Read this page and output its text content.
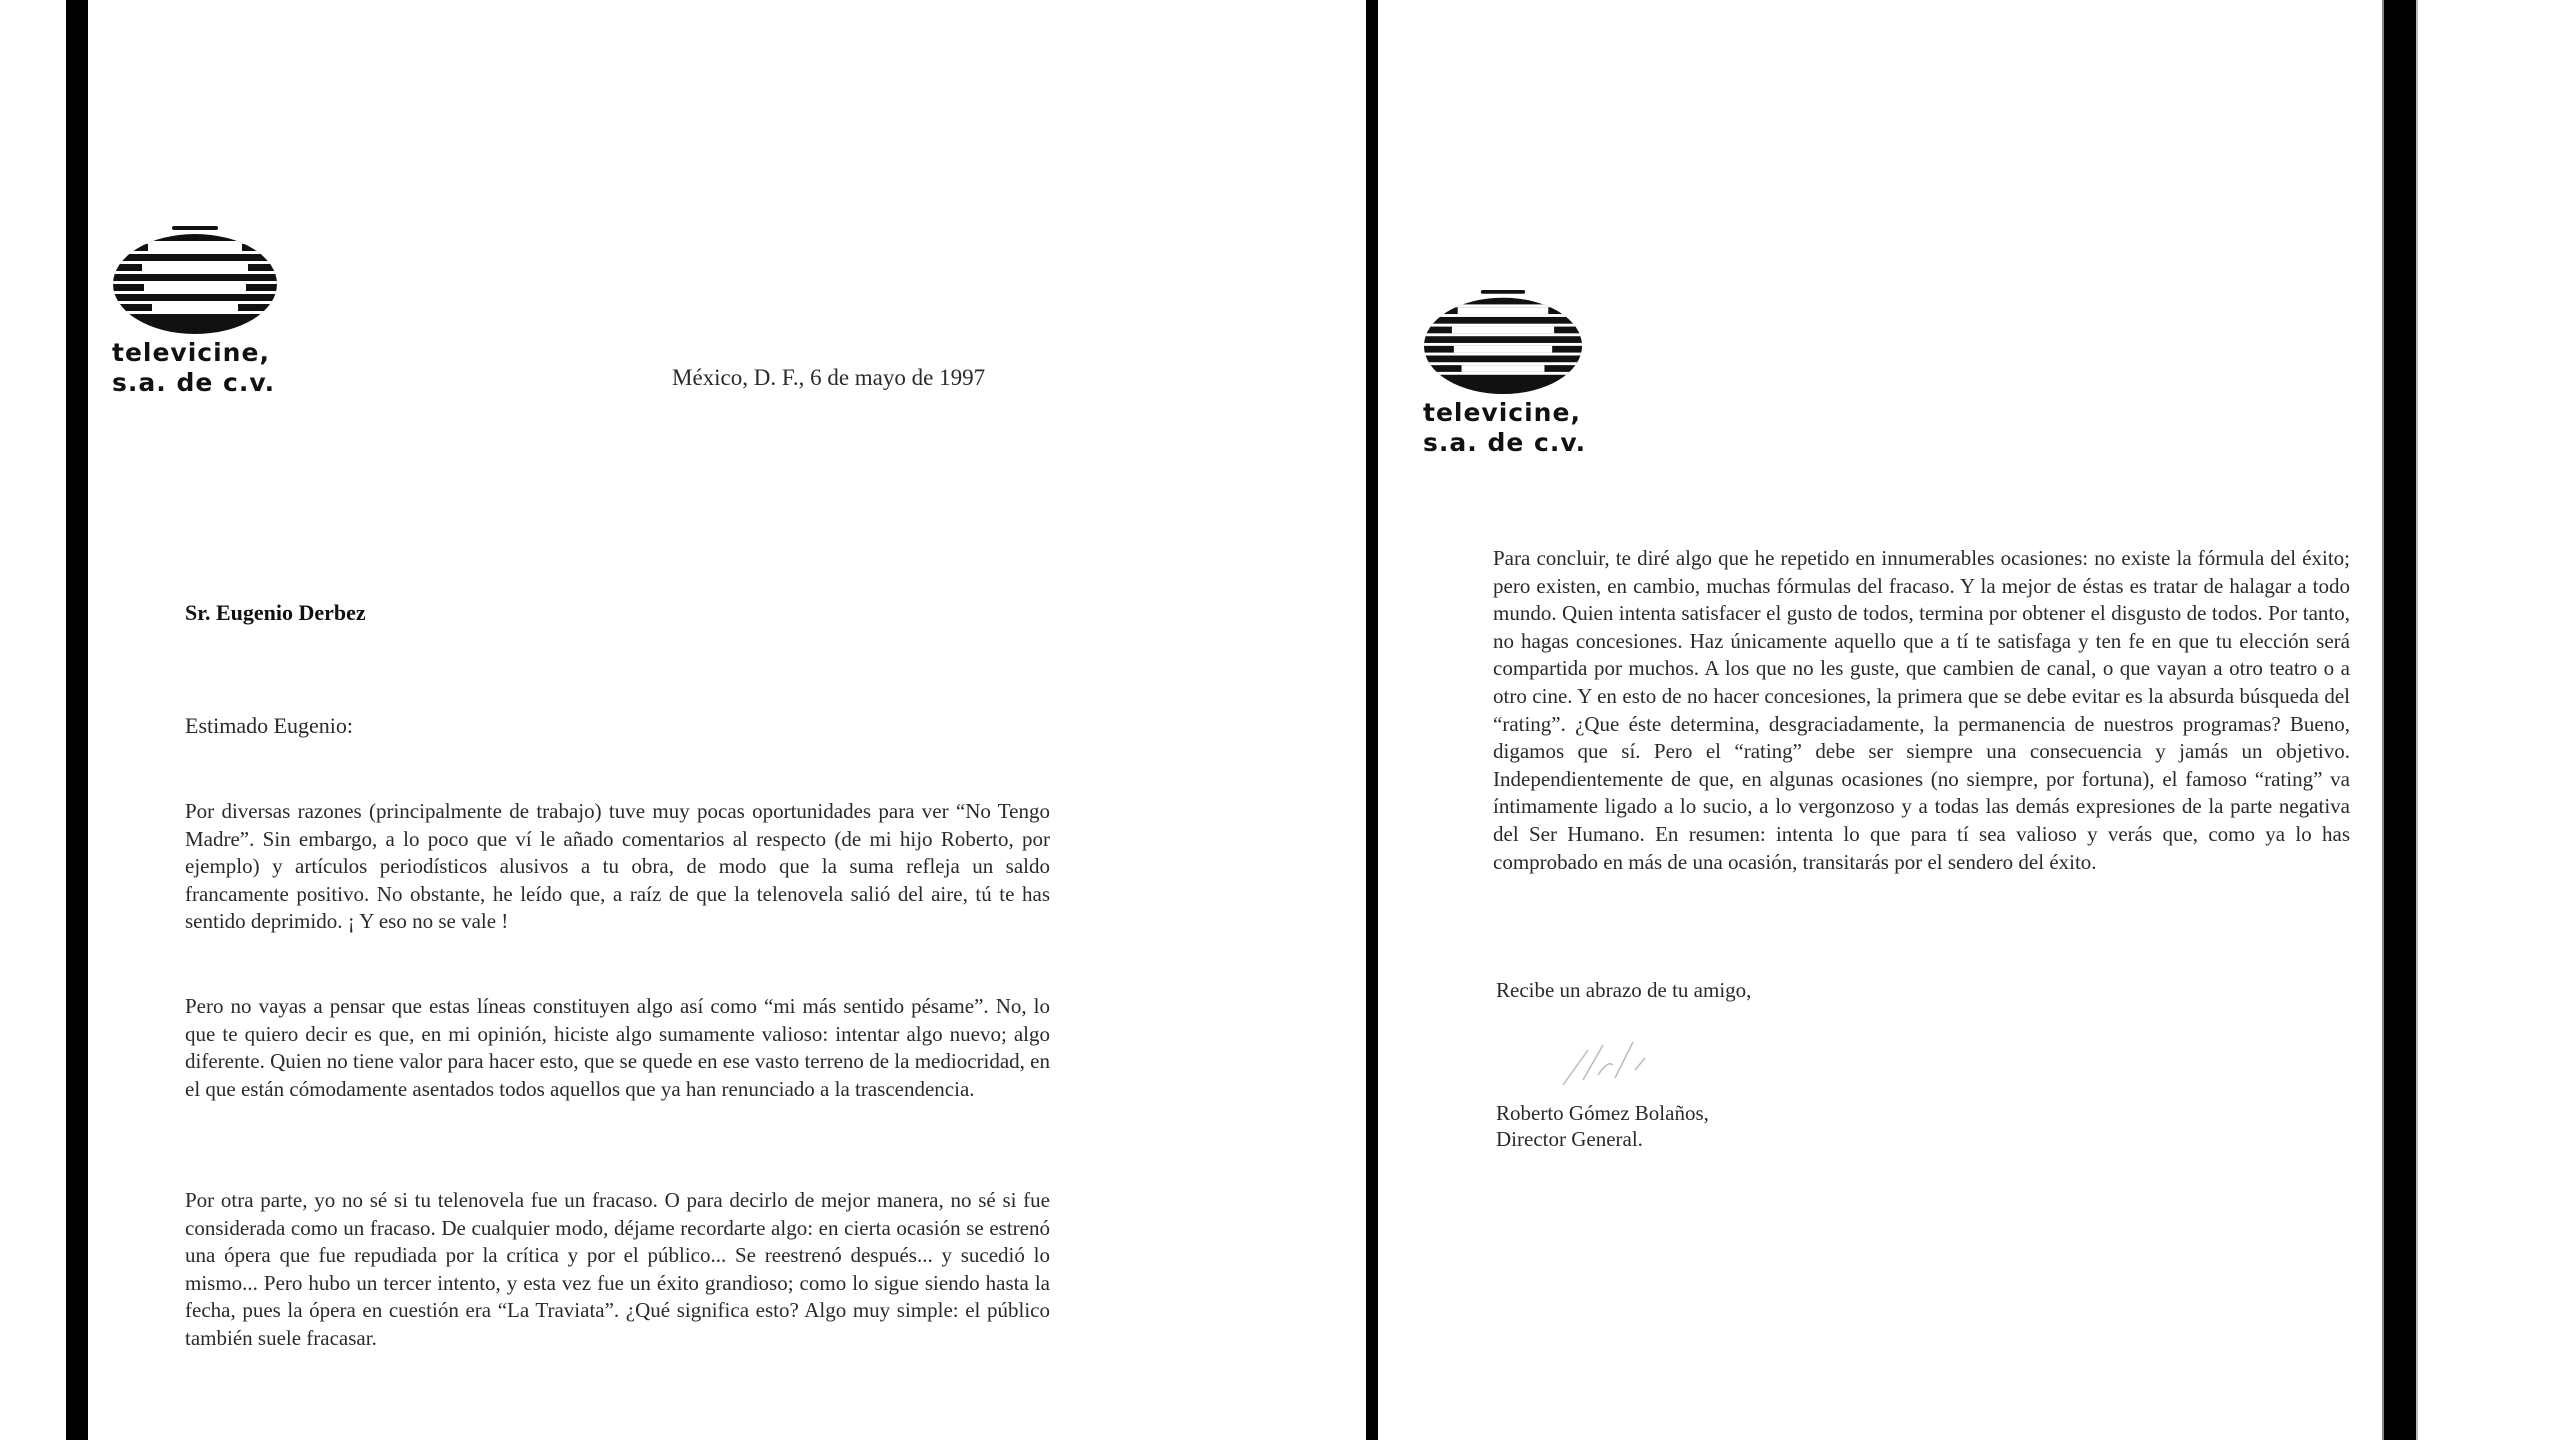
televicine,
s.a. de c.v.	México, D. F., 6 de mayo de 1997
Sr. Eugenio Derbez
Estimado Eugenio:

Por diversas razones (principalmente de trabajo) tuve muy pocas oportunidades para ver “No Tengo Madre”. Sin embargo, a lo poco que ví le añado comentarios al respecto (de mi hijo Roberto, por ejemplo) y artículos periodísticos alusivos a tu obra, de modo que la suma refleja un saldo francamente positivo. No obstante, he leído que, a raíz de que la telenovela salió del aire, tú te has sentido deprimido. ¡ Y eso no se vale !

Pero no vayas a pensar que estas líneas constituyen algo así como “mi más sentido pésame”. No, lo que te quiero decir es que, en mi opinión, hiciste algo sumamente valioso: intentar algo nuevo; algo diferente. Quien no tiene valor para hacer esto, que se quede en ese vasto terreno de la mediocridad, en el que están cómodamente asentados todos aquellos que ya han renunciado a la trascendencia.

Por otra parte, yo no sé si tu telenovela fue un fracaso. O para decirlo de mejor manera, no sé si fue considerada como un fracaso. De cualquier modo, déjame recordarte algo: en cierta ocasión se estrenó una ópera que fue repudiada por la crítica y por el público... Se reestrenó después... y sucedió lo mismo... Pero hubo un tercer intento, y esta vez fue un éxito grandioso; como lo sigue siendo hasta la fecha, pues la ópera en cuestión era “La Traviata”. ¿Qué significa esto? Algo muy simple: el público también suele fracasar.

televicine,
s.a. de c.v.

Para concluir, te diré algo que he repetido en innumerables ocasiones: no existe la fórmula del éxito; pero existen, en cambio, muchas fórmulas del fracaso. Y la mejor de éstas es tratar de halagar a todo mundo. Quien intenta satisfacer el gusto de todos, termina por obtener el disgusto de todos. Por tanto, no hagas concesiones. Haz únicamente aquello que a tí te satisfaga y ten fe en que tu elección será compartida por muchos. A los que no les guste, que cambien de canal, o que vayan a otro teatro o a otro cine. Y en esto de no hacer concesiones, la primera que se debe evitar es la absurda búsqueda del “rating”. ¿Que éste determina, desgraciadamente, la permanencia de nuestros programas? Bueno, digamos que sí. Pero el “rating” debe ser siempre una consecuencia y jamás un objetivo. Independientemente de que, en algunas ocasiones (no siempre, por fortuna), el famoso “rating” va íntimamente ligado a lo sucio, a lo vergonzoso y a todas las demás expresiones de la parte negativa del Ser Humano. En resumen: intenta lo que para tí sea valioso y verás que, como ya lo has comprobado en más de una ocasión, transitarás por el sendero del éxito.

Recibe un abrazo de tu amigo,
Roberto Gómez Bolaños,
Director General.
